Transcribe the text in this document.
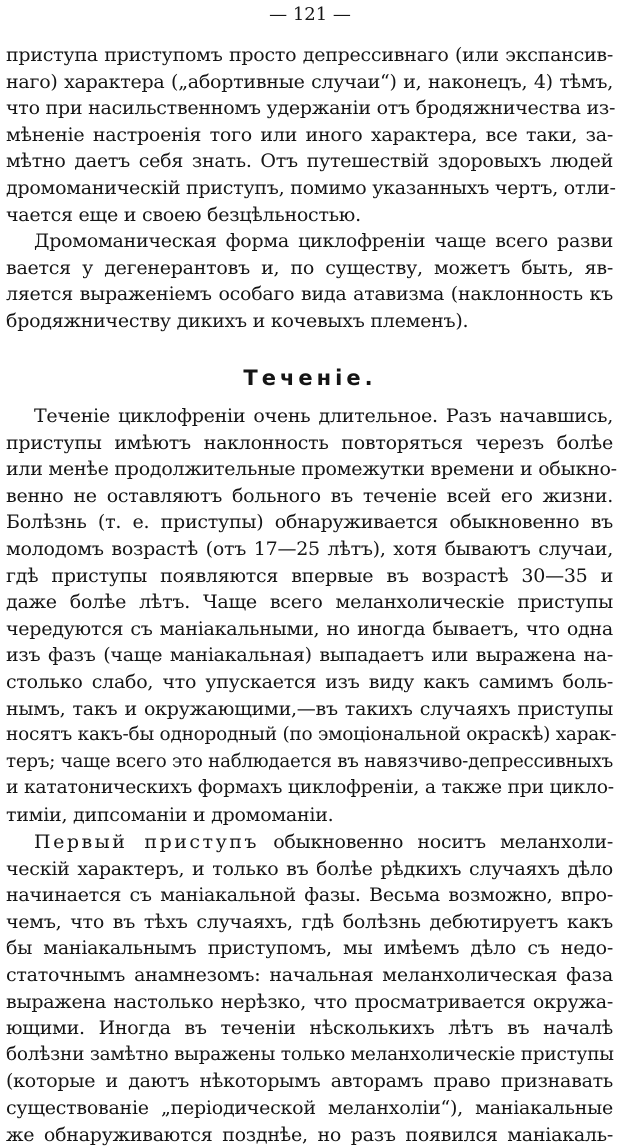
— 121 —
приступа приступомъ просто депрессивнаго (или экспансив-
наго) характера („абортивные случаи“) и, наконецъ, 4) тѣмъ,
что при насильственномъ удержаніи отъ бродяжничества из-
мѣненіе настроенія того или иного характера, все таки, за-
мѣтно даетъ себя знать. Отъ путешествій здоровыхъ людей
дромоманическій приступъ, помимо указанныхъ чертъ, отли-
чается еще и своею безцѣльностью.
Дромоманическая форма циклофреніи чаще всего разви
вается у дегенерантовъ и, по существу, можетъ быть, яв-
ляется выраженіемъ особаго вида атавизма (наклонность къ
бродяжничеству дикихъ и кочевыхъ племенъ).
Теченіе.
Теченіе циклофреніи очень длительное. Разъ начавшись,
приступы имѣютъ наклонность повторяться черезъ болѣе
или менѣе продолжительные промежутки времени и обыкно-
венно не оставляютъ больного въ теченіе всей его жизни.
Болѣзнь (т. е. приступы) обнаруживается обыкновенно въ
молодомъ возрастѣ (отъ 17—25 лѣтъ), хотя бываютъ случаи,
гдѣ приступы появляются впервые въ возрастѣ 30—35 и
даже болѣе лѣтъ. Чаще всего меланхолическіе приступы
чередуются съ маніакальными, но иногда бываетъ, что одна
изъ фазъ (чаще маніакальная) выпадаетъ или выражена на-
столько слабо, что упускается изъ виду какъ самимъ боль-
нымъ, такъ и окружающими,—въ такихъ случаяхъ приступы
носятъ какъ-бы однородный (по эмоціональной окраскѣ) харак-
теръ; чаще всего это наблюдается въ навязчиво-депрессивныхъ
и кататоническихъ формахъ циклофреніи, а также при циклo-
тиміи, дипсоманіи и дромоманіи.
Первый приступъ обыкновенно носитъ меланхоли-
ческій характеръ, и только въ болѣе рѣдкихъ случаяхъ дѣло
начинается съ маніакальной фазы. Весьма возможно, впро-
чемъ, что въ тѣхъ случаяхъ, гдѣ болѣзнь дебютируетъ какъ
бы маніакальнымъ приступомъ, мы имѣемъ дѣло съ недо-
статочнымъ анамнезомъ: начальная меланхолическая фаза
выражена настолько нерѣзко, что просматривается окружа-
ющими. Иногда въ теченіи нѣсколькихъ лѣтъ въ началѣ
болѣзни замѣтно выражены только меланхолическіе приступы
(которые и даютъ нѣкоторымъ авторамъ право признавать
существованіе „періодической меланхоліи“), маніакальные
же обнаруживаются позднѣе, но разъ появился маніакаль-
